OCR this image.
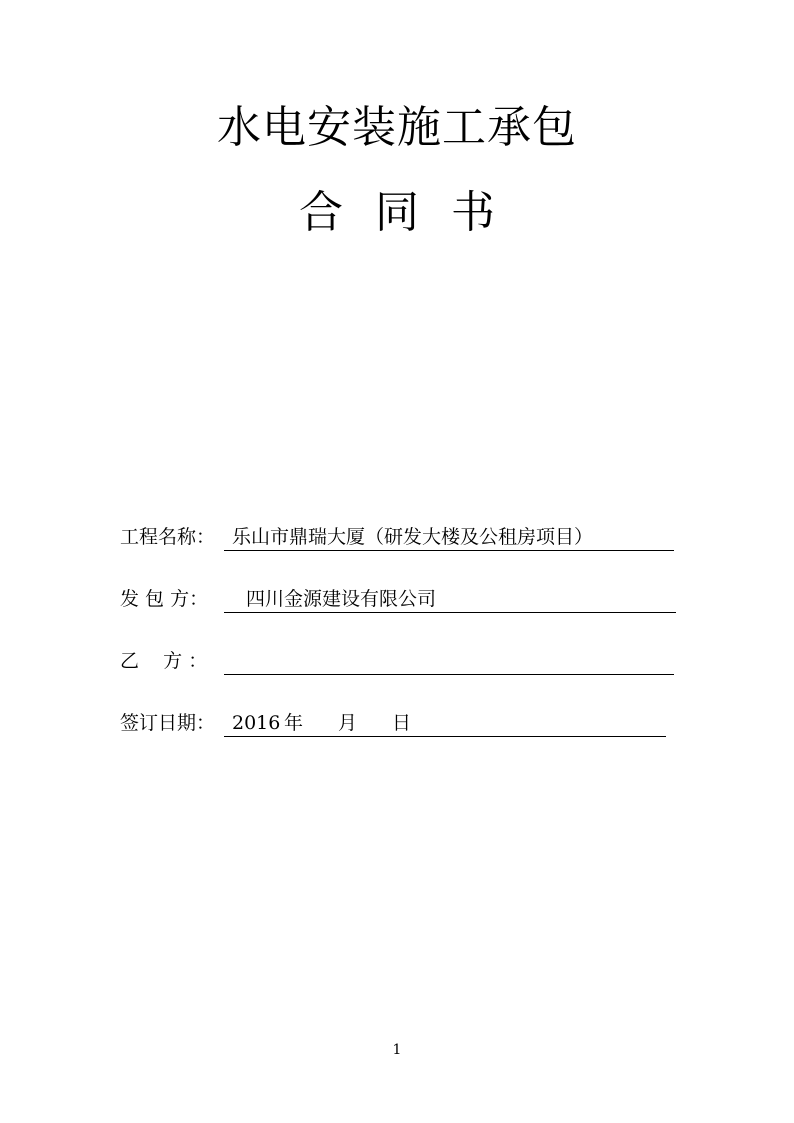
水电安装施工承包
合 同 书
工程名称： 乐山市鼎瑞大厦（研发大楼及公租房项目）
发 包 方： 四川金源建设有限公司
乙    方 ：
签订日期： 2016 年 月 日
1
